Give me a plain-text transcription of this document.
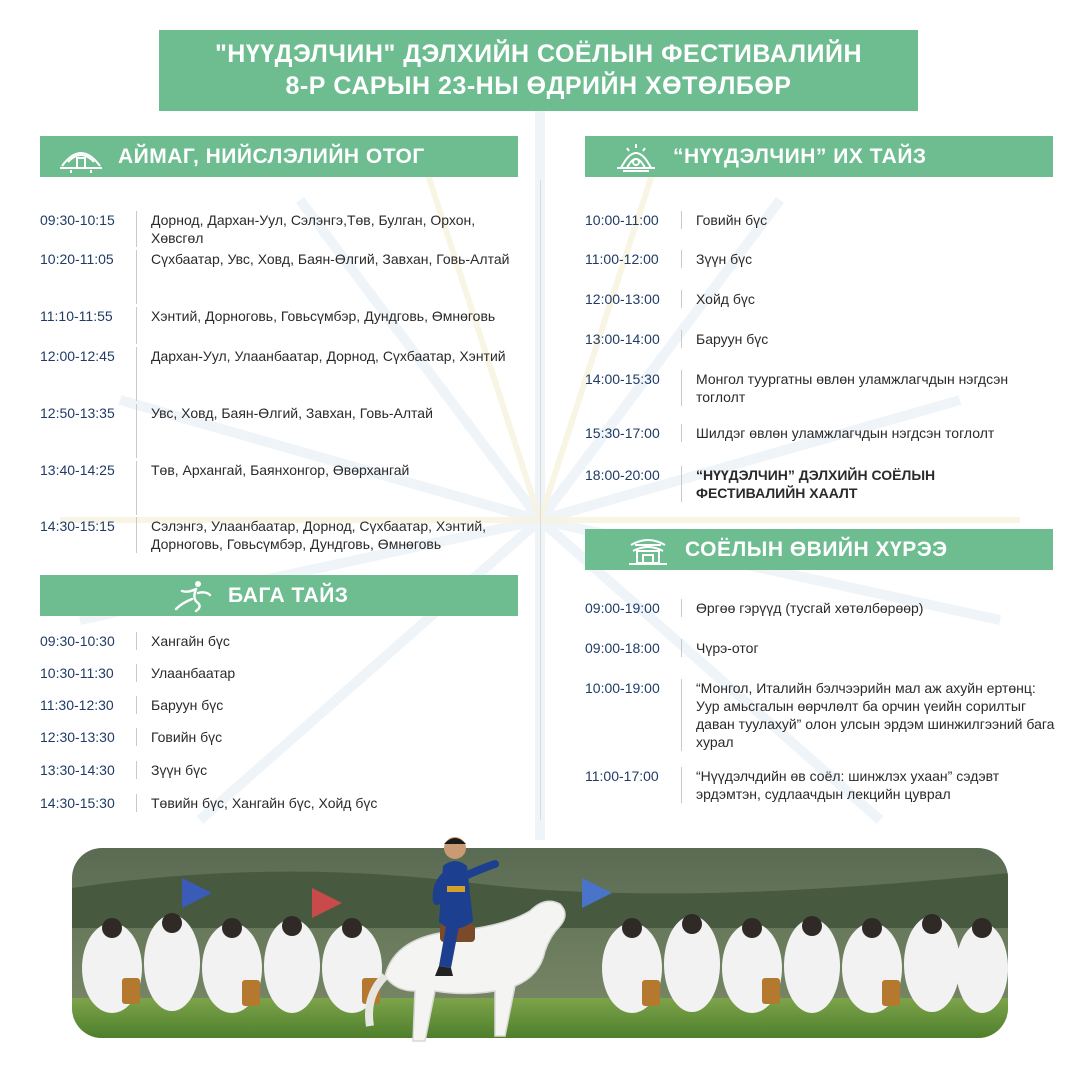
"НҮҮДЭЛЧИН" ДЭЛХИЙН СОЁЛЫН ФЕСТИВАЛИЙН
8-Р САРЫН 23-НЫ ӨДРИЙН ХӨТӨЛБӨР
АЙМАГ, НИЙСЛЭЛИЙН ОТОГ
09:30-10:15	Дорнод, Дархан-Уул, Сэлэнгэ,Төв, Булган, Орхон, Хөвсгөл
10:20-11:05	Сүхбаатар, Увс, Ховд, Баян-Өлгий, Завхан, Говь-Алтай
11:10-11:55	Хэнтий, Дорноговь, Говьсүмбэр, Дундговь, Өмнөговь
12:00-12:45	Дархан-Уул, Улаанбаатар, Дорнод, Сүхбаатар, Хэнтий
12:50-13:35	Увс, Ховд, Баян-Өлгий, Завхан, Говь-Алтай
13:40-14:25	Төв, Архангай, Баянхонгор, Өвөрхангай
14:30-15:15	Сэлэнгэ, Улаанбаатар, Дорнод, Сүхбаатар, Хэнтий, Дорноговь, Говьсүмбэр, Дундговь, Өмнөговь
БАГА ТАЙЗ
09:30-10:30	Хангайн бүс
10:30-11:30	Улаанбаатар
11:30-12:30	Баруун бүс
12:30-13:30	Говийн бүс
13:30-14:30	Зүүн бүс
14:30-15:30	Төвийн бүс, Хангайн бүс, Хойд бүс
“НҮҮДЭЛЧИН” ИХ ТАЙЗ
10:00-11:00	Говийн бүс
11:00-12:00	Зүүн бүс
12:00-13:00	Хойд бүс
13:00-14:00	Баруун бүс
14:00-15:30	Монгол туургатны өвлөн уламжлагчдын нэгдсэн тоглолт
15:30-17:00	Шилдэг өвлөн уламжлагчдын нэгдсэн тоглолт
18:00-20:00	“НҮҮДЭЛЧИН” ДЭЛХИЙН СОЁЛЫН ФЕСТИВАЛИЙН ХААЛТ
СОЁЛЫН ӨВИЙН ХҮРЭЭ
09:00-19:00	Өргөө гэрүүд (тусгай хөтөлбөрөөр)
09:00-18:00	Чүрэ-отог
10:00-19:00	“Монгол, Италийн бэлчээрийн мал аж ахуйн ертөнц: Уур амьсгалын өөрчлөлт ба орчин үеийн сорилтыг даван туулахуй” олон улсын эрдэм шинжилгээний бага хурал
11:00-17:00	“Нүүдэлчдийн өв соёл: шинжлэх ухаан” сэдэвт эрдэмтэн, судлаачдын лекцийн цуврал
